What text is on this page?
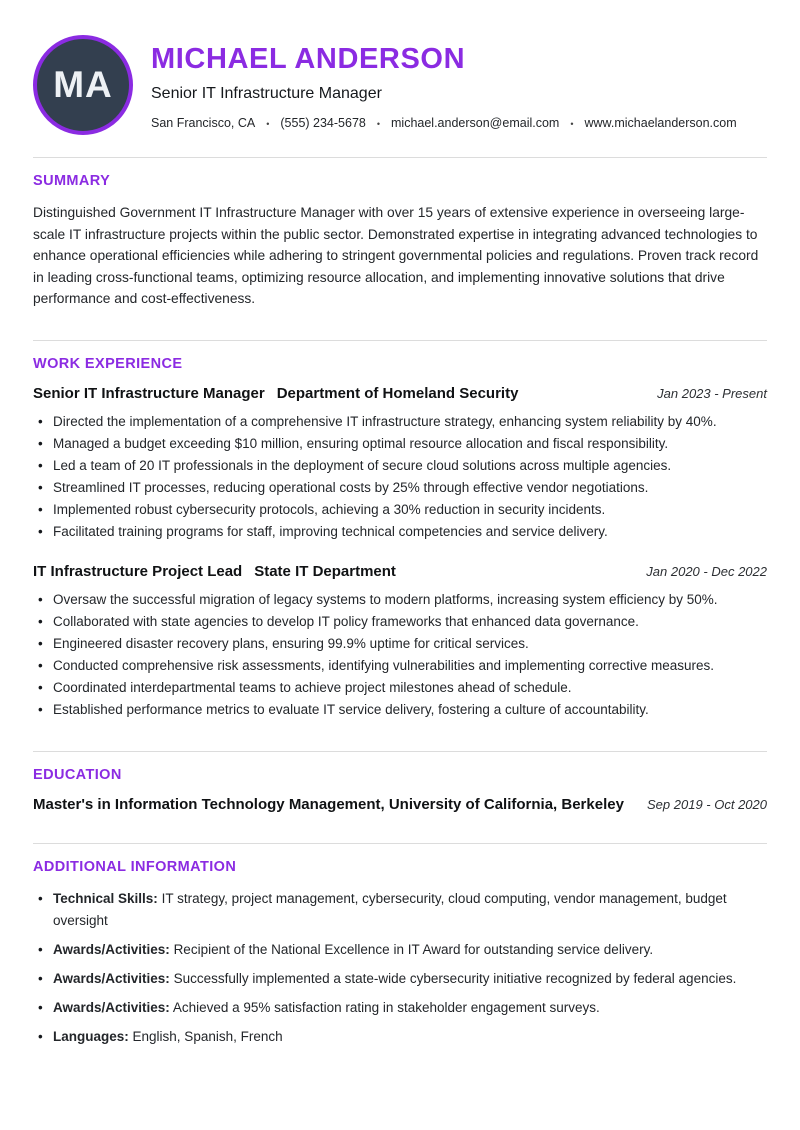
MA
MICHAEL ANDERSON
Senior IT Infrastructure Manager
San Francisco, CA • (555) 234-5678 • michael.anderson@email.com • www.michaelanderson.com
SUMMARY

Distinguished Government IT Infrastructure Manager with over 15 years of extensive experience in overseeing large-scale IT infrastructure projects within the public sector. Demonstrated expertise in integrating advanced technologies to enhance operational efficiencies while adhering to stringent governmental policies and regulations. Proven track record in leading cross-functional teams, optimizing resource allocation, and implementing innovative solutions that drive performance and cost-effectiveness.

WORK EXPERIENCE
Senior IT Infrastructure Manager Department of Homeland Security	Jan 2023 - Present
• Directed the implementation of a comprehensive IT infrastructure strategy, enhancing system reliability by 40%.
• Managed a budget exceeding $10 million, ensuring optimal resource allocation and fiscal responsibility.
• Led a team of 20 IT professionals in the deployment of secure cloud solutions across multiple agencies.
• Streamlined IT processes, reducing operational costs by 25% through effective vendor negotiations.
• Implemented robust cybersecurity protocols, achieving a 30% reduction in security incidents.
• Facilitated training programs for staff, improving technical competencies and service delivery.
IT Infrastructure Project Lead State IT Department	Jan 2020 - Dec 2022
• Oversaw the successful migration of legacy systems to modern platforms, increasing system efficiency by 50%.
• Collaborated with state agencies to develop IT policy frameworks that enhanced data governance.
• Engineered disaster recovery plans, ensuring 99.9% uptime for critical services.
• Conducted comprehensive risk assessments, identifying vulnerabilities and implementing corrective measures.
• Coordinated interdepartmental teams to achieve project milestones ahead of schedule.
• Established performance metrics to evaluate IT service delivery, fostering a culture of accountability.
EDUCATION
Master's in Information Technology Management, University of California, Berkeley Sep 2019 - Oct 2020
ADDITIONAL INFORMATION
• Technical Skills: IT strategy, project management, cybersecurity, cloud computing, vendor management, budget oversight
• Awards/Activities: Recipient of the National Excellence in IT Award for outstanding service delivery.
• Awards/Activities: Successfully implemented a state-wide cybersecurity initiative recognized by federal agencies.
• Awards/Activities: Achieved a 95% satisfaction rating in stakeholder engagement surveys.
• Languages: English, Spanish, French
